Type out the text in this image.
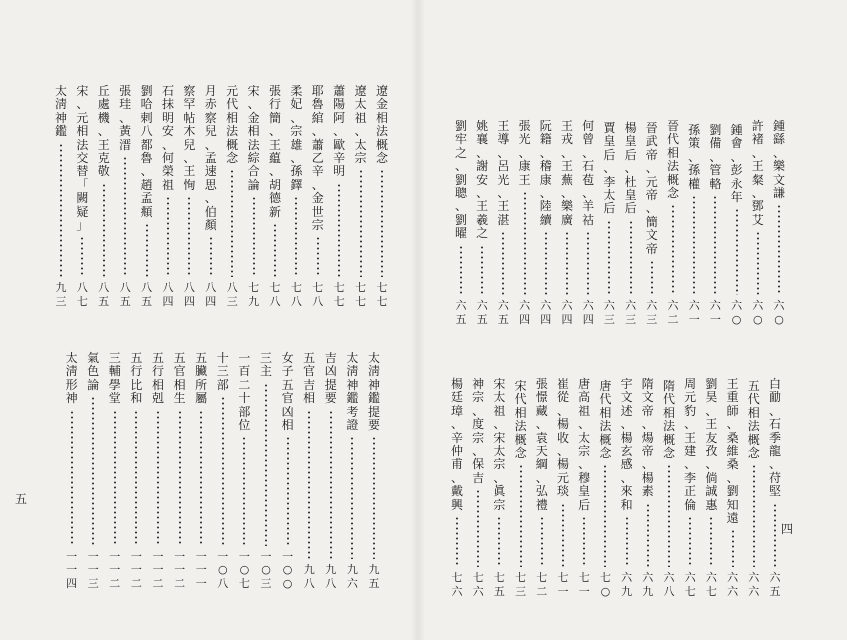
四
五
鍾
繇
、
樂
文
謙
六
○
許
褚
、
王
粲
、
鄧
艾
六
○
鍾
會
、
彭
永
年
六
○
劉
備
、
管
輅
六
一
孫
策
、
孫
權
六
一
晉
代
相
法
概
念
六
二
晉
武
帝
、
元
帝
、
簡
文
帝
六
三
楊
皇
后
、
杜
皇
后
六
三
賈
皇
后
、
李
太
后
六
三
何
曾
、
石
苞
、
羊
祜
六
四
王
戎
、
王
蕪
、
樂
廣
六
四
阮
籍
、
稽
康
、
陸
續
六
四
張
光
、
康
王
六
四
王
導
、
呂
光
、
王
湛
六
五
姚
襄
、
謝
安
、
王
羲
之
六
五
劉
牢
之
、
劉
聰
、
劉
曜
六
五
白
勔
、
石
季
龍
、
苻
堅
六
五
五
代
相
法
概
念
六
六
王
重
師
、
桑
維
桑
、
劉
知
遠
六
六
劉
昊
、
王
友
孜
、
倘
誠
惠
六
七
周
元
豹
、
王
建
、
李
正
倫
六
七
隋
代
相
法
概
念
六
八
隋
文
帝
、
煬
帝
、
楊
素
六
九
宇
文
述
、
楊
玄
感
、
來
和
六
九
唐
代
相
法
概
念
七
○
唐
高
祖
、
太
宗
、
穆
皇
后
七
一
崔
從
、
楊
收
、
楊
元
琰
七
一
張
憬
藏
、
袁
天
綱
、
弘
禮
七
二
宋
代
相
法
概
念
七
三
宋
太
祖
、
宋
太
宗
、
眞
宗
七
五
神
宗
、
度
宗
、
保
吉
七
六
楊
廷
璋
、
辛
仲
甫
、
戴
興
七
六
遼
金
相
法
概
念
七
七
遼
太
祖
、
太
宗
七
七
蕭
陽
阿
、
歐
辛
明
七
七
耶
魯
綰
、
蕭
乙
辛
、
金
世
宗
七
八
柔
妃
、
宗
雄
、
孫
鐸
七
八
張
行
簡
、
王
藴
、
胡
德
新
七
八
宋
、
金
相
法
綜
合
論
七
九
元
代
相
法
概
念
八
三
月
赤
察
兒
、
孟
速
思
、
伯
顏
八
四
察
罕
帖
木
兒
、
王
恂
八
四
石
抹
明
安
、
何
榮
祖
八
四
劉
哈
剌
八
都
魯
、
趙
孟
頫
八
五
張
珪
、
黃
溍
八
五
丘
處
機
、
王
克
敬
八
五
宋
、
元
相
法
交
替
「
闕
疑
」
八
七
太
淸
神
鑑
九
三
太
淸
神
鑑
提
要
九
五
太
淸
神
鑑
考
證
九
六
吉
凶
提
要
九
八
五
官
吉
相
九
八
女
子
五
官
凶
相
一
○
○
三
主
一
○
三
一
百
二
十
部
位
一
○
七
十
三
部
一
○
八
五
臟
所
屬
一
一
一
五
官
相
生
一
一
二
五
行
相
剋
一
一
二
五
行
比
和
一
一
二
三
輔
學
堂
一
一
二
氣
色
論
一
一
三
太
淸
形
神
一
一
四
